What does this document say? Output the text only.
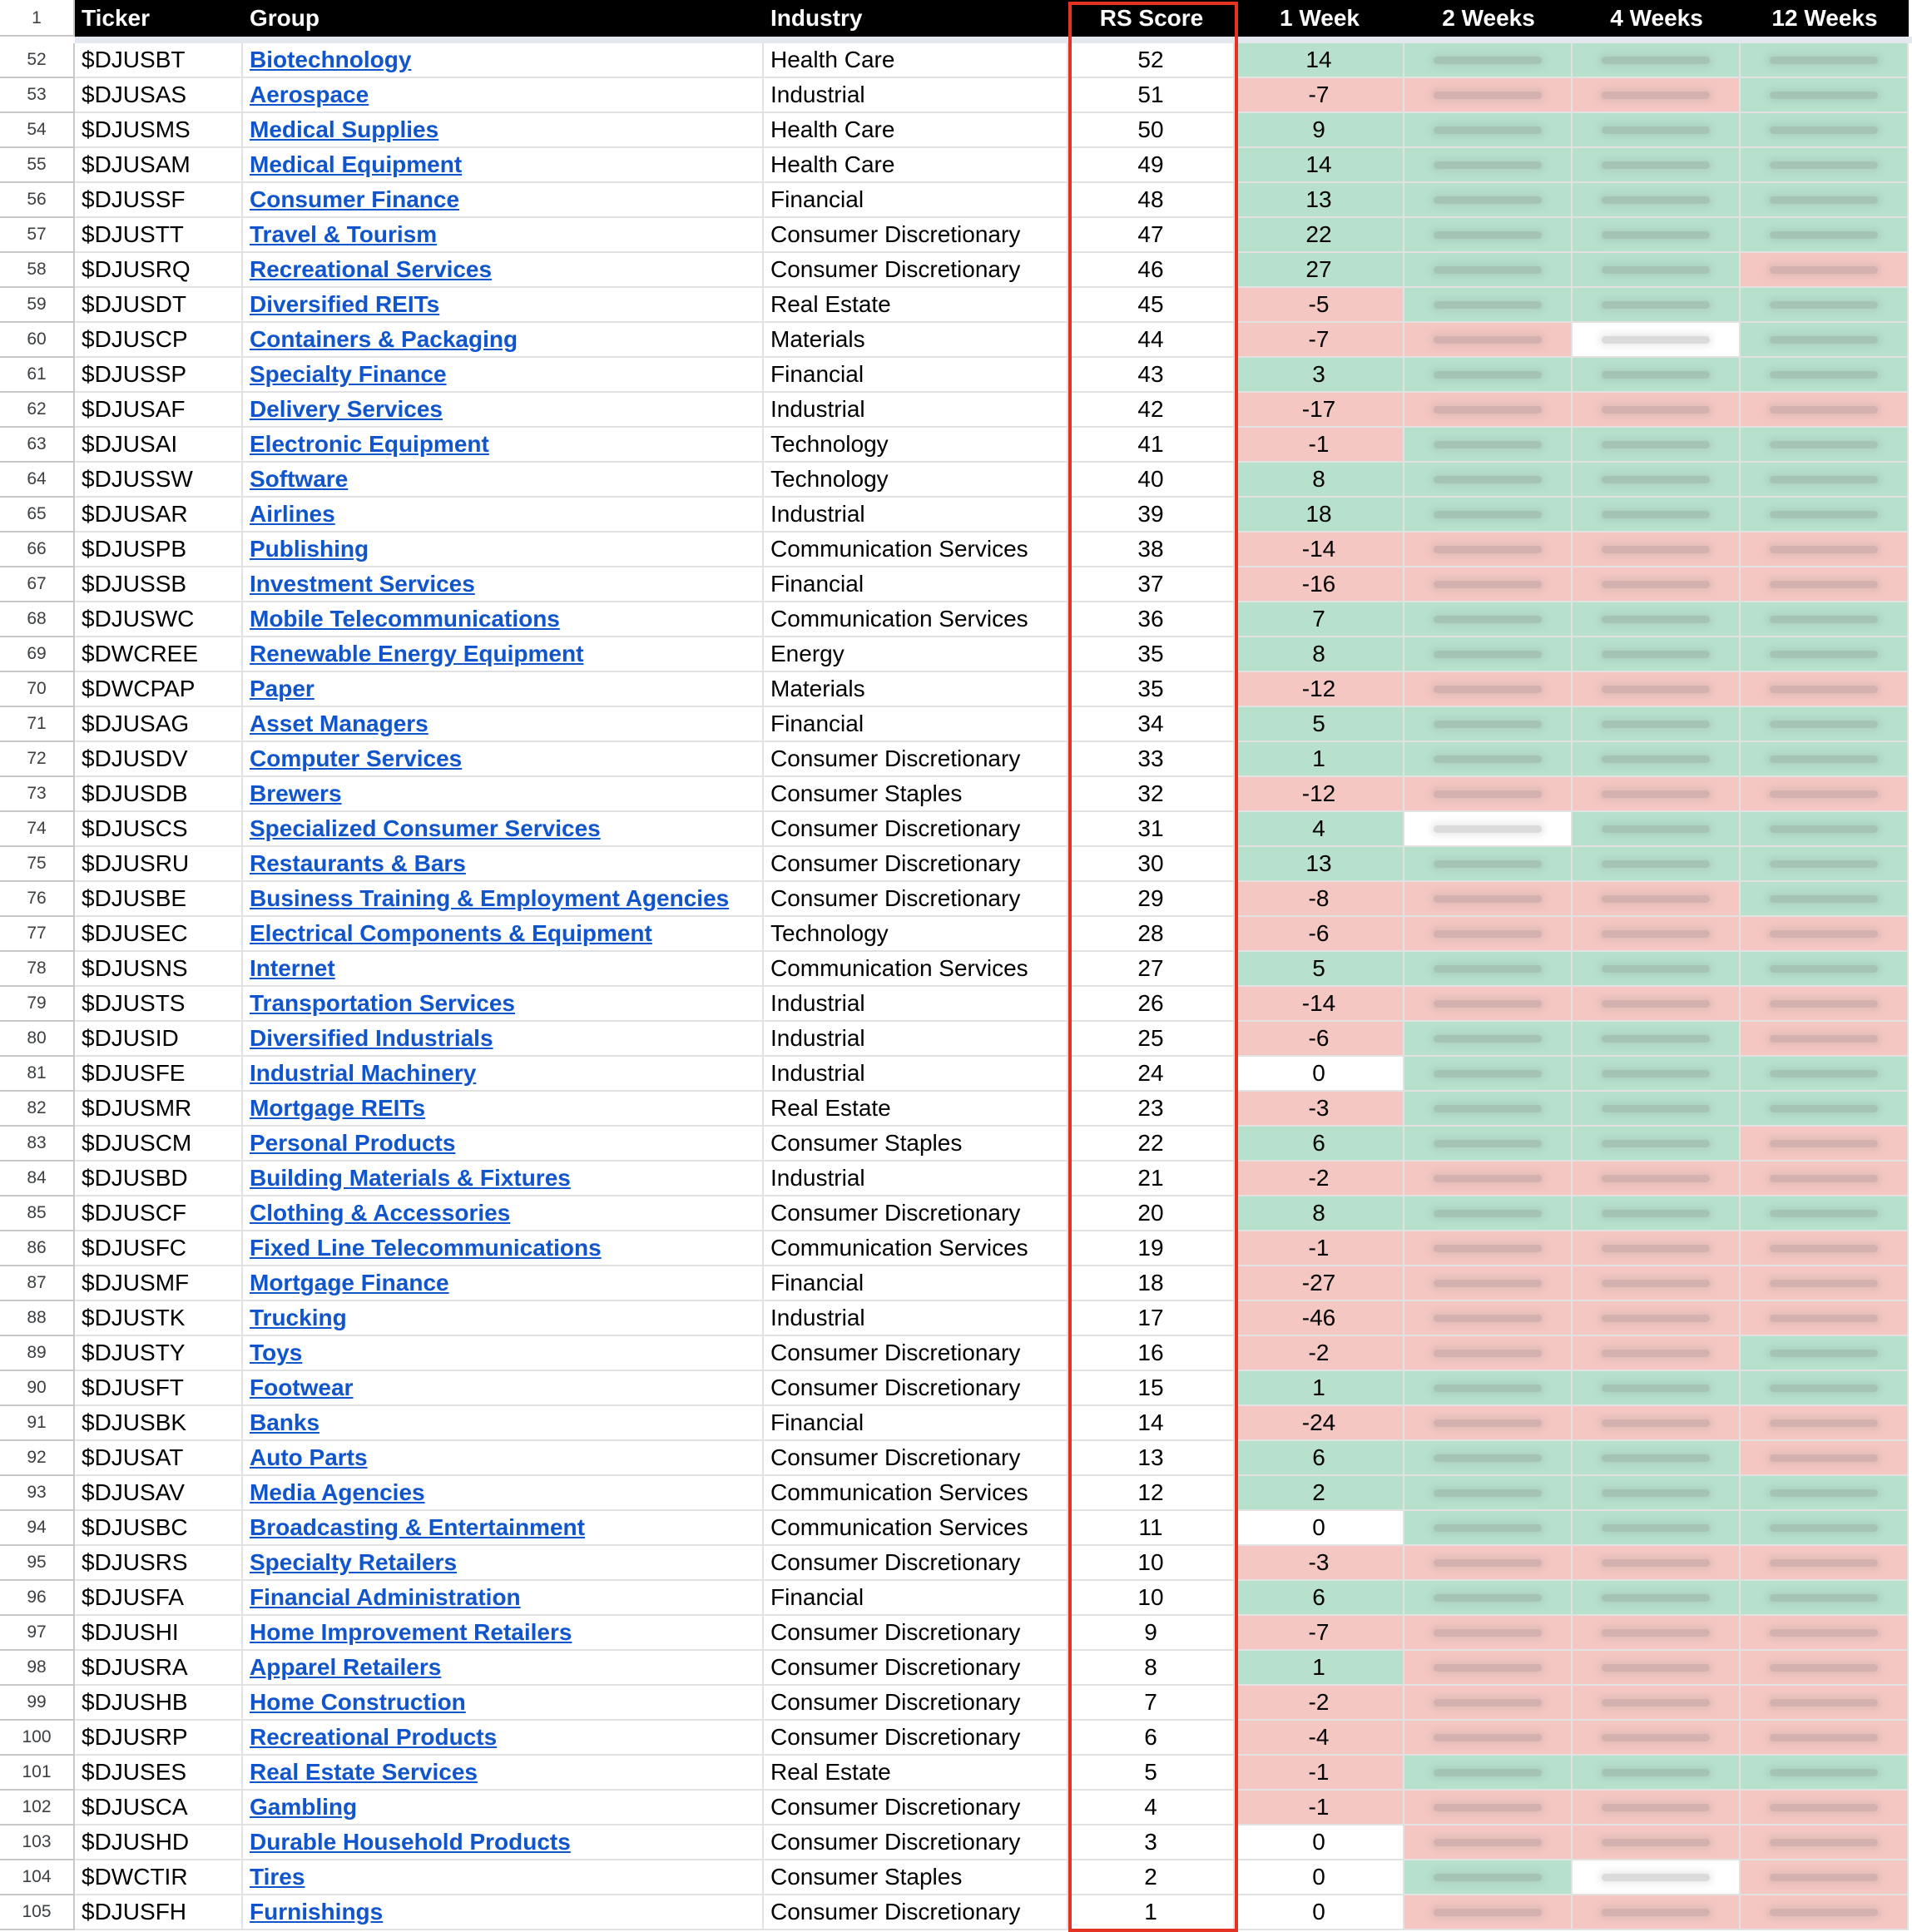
1	Ticker	Group	Industry	RS Score	1 Week	2 Weeks	4 Weeks	12 Weeks
52	$DJUSBT	Biotechnology	Health Care	52	14
53	$DJUSAS	Aerospace	Industrial	51	-7
54	$DJUSMS	Medical Supplies	Health Care	50	9
55	$DJUSAM	Medical Equipment	Health Care	49	14
56	$DJUSSF	Consumer Finance	Financial	48	13
57	$DJUSTT	Travel & Tourism	Consumer Discretionary	47	22
58	$DJUSRQ	Recreational Services	Consumer Discretionary	46	27
59	$DJUSDT	Diversified REITs	Real Estate	45	-5
60	$DJUSCP	Containers & Packaging	Materials	44	-7
61	$DJUSSP	Specialty Finance	Financial	43	3
62	$DJUSAF	Delivery Services	Industrial	42	-17
63	$DJUSAI	Electronic Equipment	Technology	41	-1
64	$DJUSSW	Software	Technology	40	8
65	$DJUSAR	Airlines	Industrial	39	18
66	$DJUSPB	Publishing	Communication Services	38	-14
67	$DJUSSB	Investment Services	Financial	37	-16
68	$DJUSWC	Mobile Telecommunications	Communication Services	36	7
69	$DWCREE	Renewable Energy Equipment	Energy	35	8
70	$DWCPAP	Paper	Materials	35	-12
71	$DJUSAG	Asset Managers	Financial	34	5
72	$DJUSDV	Computer Services	Consumer Discretionary	33	1
73	$DJUSDB	Brewers	Consumer Staples	32	-12
74	$DJUSCS	Specialized Consumer Services	Consumer Discretionary	31	4
75	$DJUSRU	Restaurants & Bars	Consumer Discretionary	30	13
76	$DJUSBE	Business Training & Employment Agencies	Consumer Discretionary	29	-8
77	$DJUSEC	Electrical Components & Equipment	Technology	28	-6
78	$DJUSNS	Internet	Communication Services	27	5
79	$DJUSTS	Transportation Services	Industrial	26	-14
80	$DJUSID	Diversified Industrials	Industrial	25	-6
81	$DJUSFE	Industrial Machinery	Industrial	24	0
82	$DJUSMR	Mortgage REITs	Real Estate	23	-3
83	$DJUSCM	Personal Products	Consumer Staples	22	6
84	$DJUSBD	Building Materials & Fixtures	Industrial	21	-2
85	$DJUSCF	Clothing & Accessories	Consumer Discretionary	20	8
86	$DJUSFC	Fixed Line Telecommunications	Communication Services	19	-1
87	$DJUSMF	Mortgage Finance	Financial	18	-27
88	$DJUSTK	Trucking	Industrial	17	-46
89	$DJUSTY	Toys	Consumer Discretionary	16	-2
90	$DJUSFT	Footwear	Consumer Discretionary	15	1
91	$DJUSBK	Banks	Financial	14	-24
92	$DJUSAT	Auto Parts	Consumer Discretionary	13	6
93	$DJUSAV	Media Agencies	Communication Services	12	2
94	$DJUSBC	Broadcasting & Entertainment	Communication Services	11	0
95	$DJUSRS	Specialty Retailers	Consumer Discretionary	10	-3
96	$DJUSFA	Financial Administration	Financial	10	6
97	$DJUSHI	Home Improvement Retailers	Consumer Discretionary	9	-7
98	$DJUSRA	Apparel Retailers	Consumer Discretionary	8	1
99	$DJUSHB	Home Construction	Consumer Discretionary	7	-2
100	$DJUSRP	Recreational Products	Consumer Discretionary	6	-4
101	$DJUSES	Real Estate Services	Real Estate	5	-1
102	$DJUSCA	Gambling	Consumer Discretionary	4	-1
103	$DJUSHD	Durable Household Products	Consumer Discretionary	3	0
104	$DWCTIR	Tires	Consumer Staples	2	0
105	$DJUSFH	Furnishings	Consumer Discretionary	1	0
